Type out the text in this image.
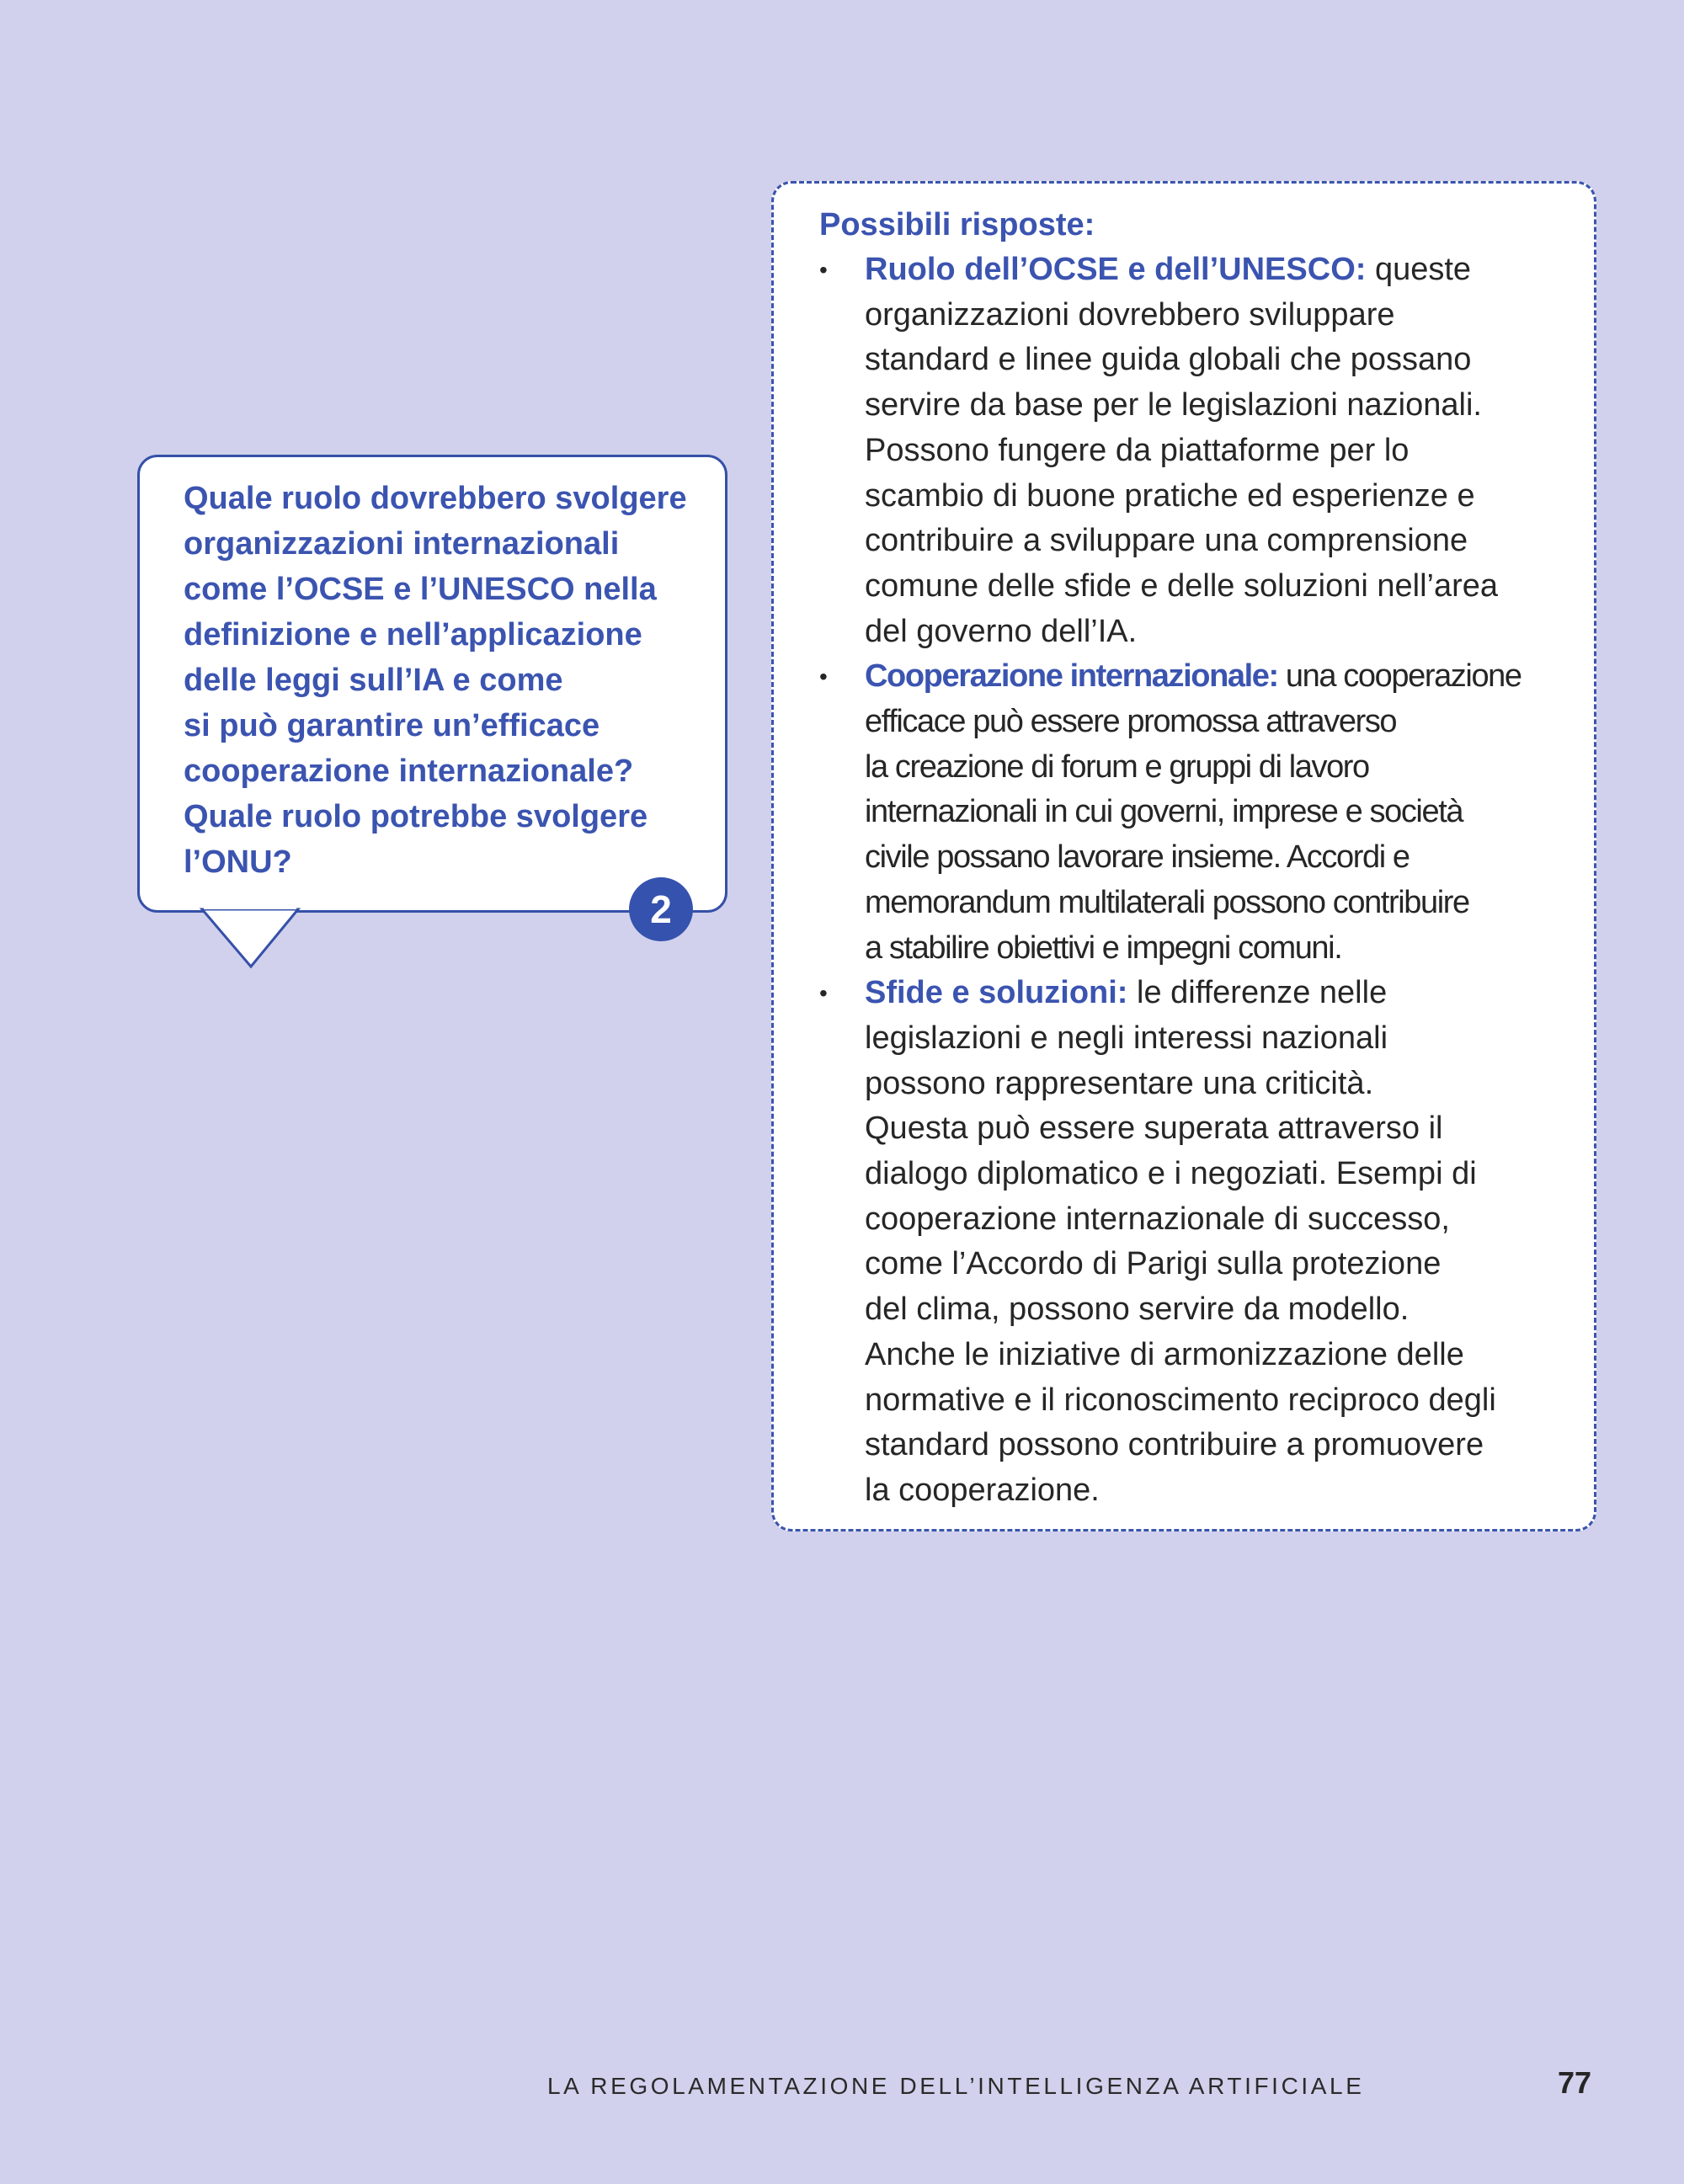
Quale ruolo dovrebbero svolgere
organizzazioni internazionali
come l’OCSE e l’UNESCO nella
definizione e nell’applicazione
delle leggi sull’IA e come
si può garantire un’efficace
cooperazione internazionale?
Quale ruolo potrebbe svolgere
l’ONU?

2

Possibili risposte:

• Ruolo dell’OCSE e dell’UNESCO: queste
organizzazioni dovrebbero sviluppare
standard e linee guida globali che possano
servire da base per le legislazioni nazionali.
Possono fungere da piattaforme per lo
scambio di buone pratiche ed esperienze e
contribuire a sviluppare una comprensione
comune delle sfide e delle soluzioni nell’area
del governo dell’IA.
•	Cooperazione internazionale: una cooperazione
efficace può essere promossa attraverso
la creazione di forum e gruppi di lavoro
internazionali in cui governi, imprese e società
civile possano lavorare insieme. Accordi e
memorandum multilaterali possono contribuire
a stabilire obiettivi e impegni comuni.
• Sfide e soluzioni: le differenze nelle
legislazioni e negli interessi nazionali
possono rappresentare una criticità.
Questa può essere superata attraverso il
dialogo diplomatico e i negoziati. Esempi di
cooperazione internazionale di successo,
come l’Accordo di Parigi sulla protezione
del clima, possono servire da modello.
Anche le iniziative di armonizzazione delle
normative e il riconoscimento reciproco degli
standard possono contribuire a promuovere
la cooperazione.

LA REGOLAMENTAZIONE DELL’INTELLIGENZA ARTIFICIALE	77
